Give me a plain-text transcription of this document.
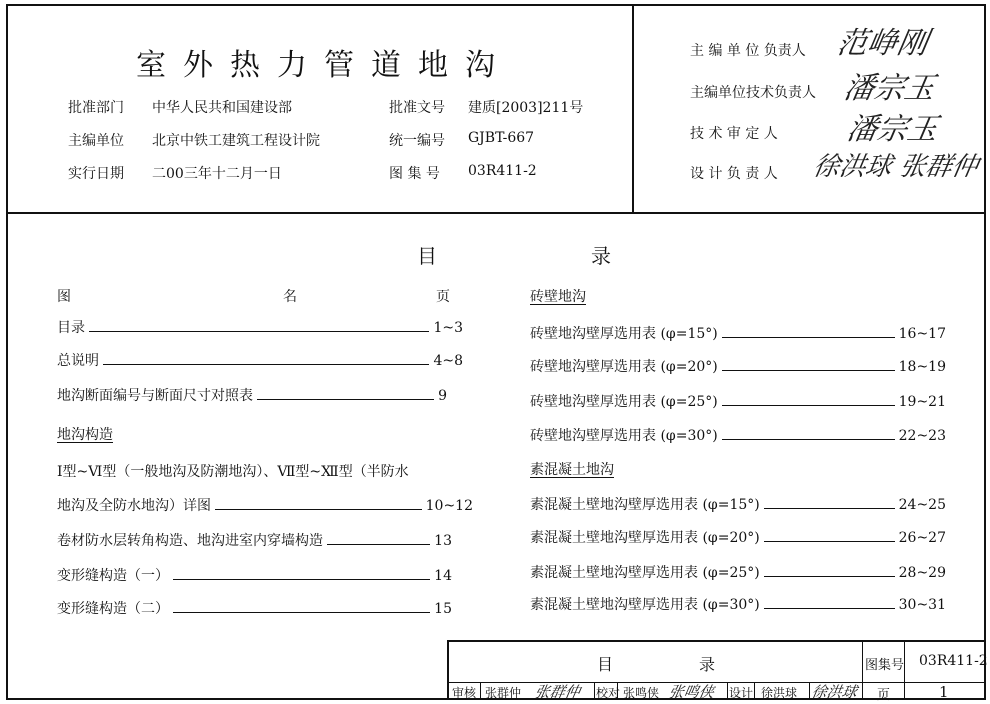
室外热力管道地沟
批准部门 中华人民共和国建设部
主编单位 北京中铁工建筑工程设计院
实行日期 二00三年十二月一日
批准文号 建质[2003]211号
统一编号 GJBT-667
图 集 号 03R411-2
主 编 单 位 负责人 范峥刚
主编单位技术负责人 潘宗玉
技 术 审 定 人 潘宗玉
设 计 负 责 人 徐洪球 张群仲
目	录
图	名	页
目录	1~3
总说明	4~8
地沟断面编号与断面尺寸对照表	9
地沟构造
Ⅰ型~Ⅵ型（一般地沟及防潮地沟）、Ⅶ型~Ⅻ型（半防水
地沟及全防水地沟）详图	10~12
卷材防水层转角构造、地沟进室内穿墙构造	13
变形缝构造（一）	14
变形缝构造（二）	15
砖壁地沟
砖壁地沟壁厚选用表 (φ=15°)	16~17
砖壁地沟壁厚选用表 (φ=20°)	18~19
砖壁地沟壁厚选用表 (φ=25°)	19~21
砖壁地沟壁厚选用表 (φ=30°)	22~23
素混凝土地沟
素混凝土壁地沟壁厚选用表 (φ=15°)	24~25
素混凝土壁地沟壁厚选用表 (φ=20°)	26~27
素混凝土壁地沟壁厚选用表 (φ=25°)	28~29
素混凝土壁地沟壁厚选用表 (φ=30°)	30~31
目	录	图集号 03R411-2
页	1
审核 张群仲 张群仲 校对 张鸣侠 张鸣侠 设计 徐洪球 徐洪球
